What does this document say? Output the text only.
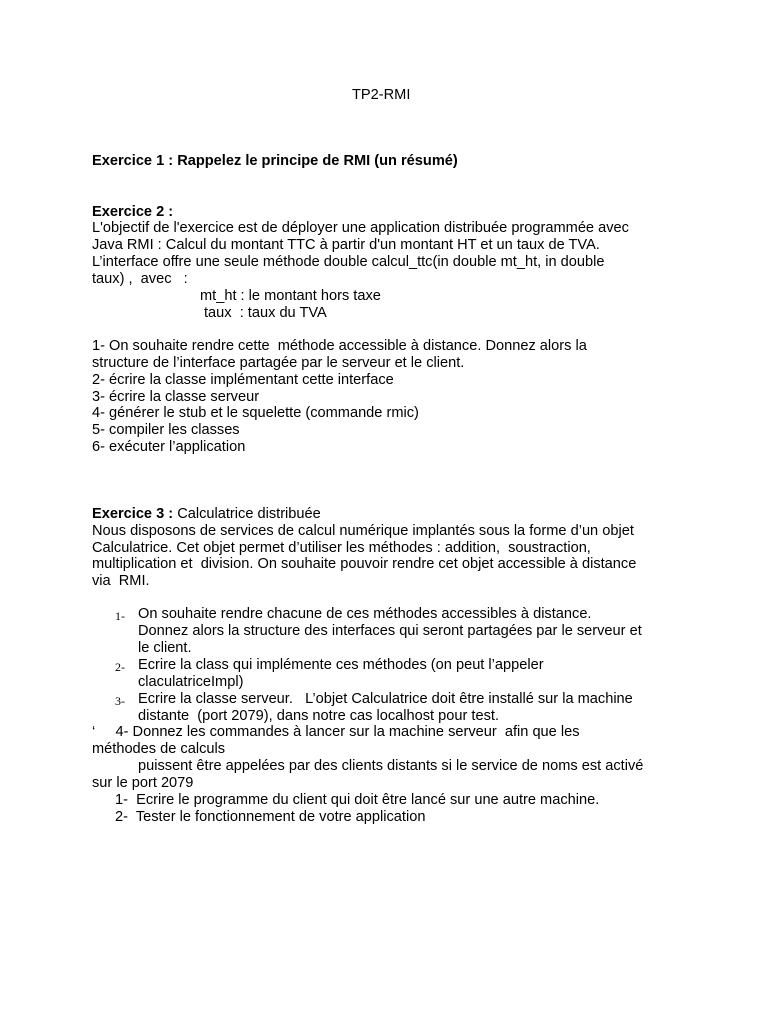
TP2-RMI
Exercice 1 : Rappelez le principe de RMI (un résumé)
Exercice 2 :
L'objectif de l'exercice est de déployer une application distribuée programmée avec
Java RMI : Calcul du montant TTC à partir d'un montant HT et un taux de TVA.
L’interface offre une seule méthode double calcul_ttc(in double mt_ht, in double
taux) ,  avec   :
mt_ht : le montant hors taxe
taux  : taux du TVA
1- On souhaite rendre cette  méthode accessible à distance. Donnez alors la
structure de l’interface partagée par le serveur et le client.
2- écrire la classe implémentant cette interface
3- écrire la classe serveur
4- générer le stub et le squelette (commande rmic)
5- compiler les classes
6- exécuter l’application
Exercice 3 : Calculatrice distribuée
Nous disposons de services de calcul numérique implantés sous la forme d’un objet
Calculatrice. Cet objet permet d’utiliser les méthodes : addition,  soustraction,
multiplication et  division. On souhaite pouvoir rendre cet objet accessible à distance
via  RMI.
1- On souhaite rendre chacune de ces méthodes accessibles à distance.
Donnez alors la structure des interfaces qui seront partagées par le serveur et
le client.
2- Ecrire la class qui implémente ces méthodes (on peut l’appeler
claculatriceImpl)
3- Ecrire la classe serveur.   L’objet Calculatrice doit être installé sur la machine
distante  (port 2079), dans notre cas localhost pour test.
‘     4- Donnez les commandes à lancer sur la machine serveur  afin que les
méthodes de calculs
puissent être appelées par des clients distants si le service de noms est activé
sur le port 2079
1-  Ecrire le programme du client qui doit être lancé sur une autre machine.
2-  Tester le fonctionnement de votre application
